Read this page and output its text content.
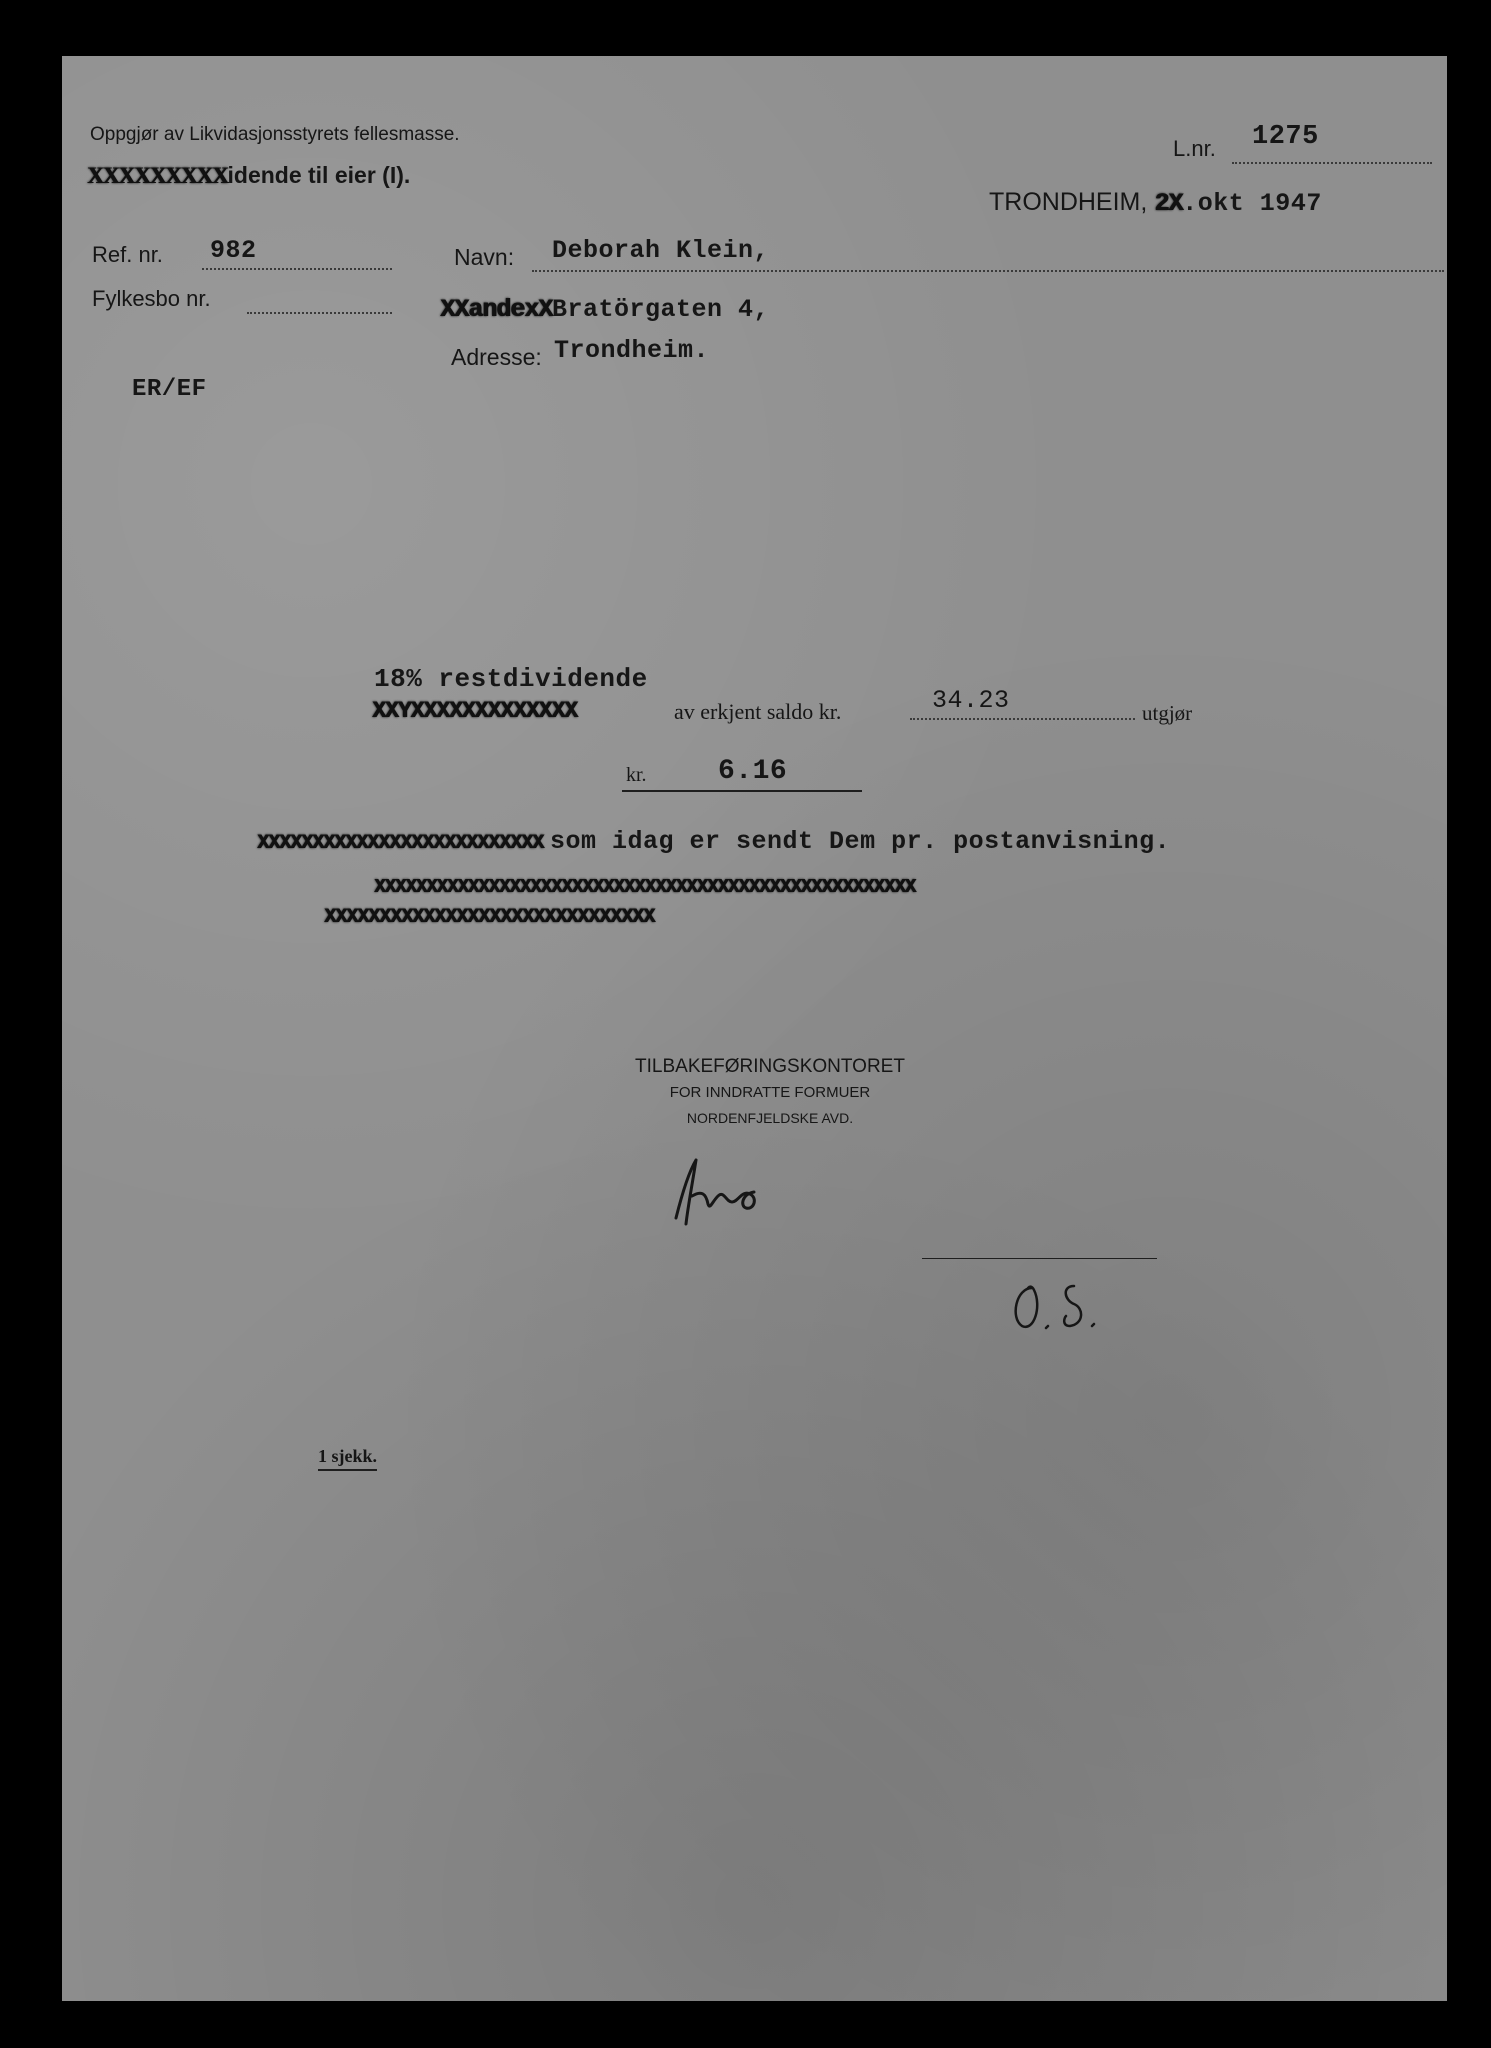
Oppgjør av Likvidasjonsstyrets fellesmasse.
XXXXXXXXXidende til eier (I).
L.nr. 1275
TRONDHEIM, 2X.okt 1947
Ref. nr. 982
Fylkesbo nr.
Navn: Deborah Klein,
XXandexXBratörgaten 4,
Adresse: Trondheim.
ER/EF
18% restdividende
XXYXXXXXXXXXXXXX	av erkjent saldo kr.	34.23	utgjør
kr.	6.16
XXXXXXXXXXXXXXXXXXXXXXXXXX som idag er sendt Dem pr. postanvisning.
XXXXXXXXXXXXXXXXXXXXXXXXXXXXXXXXXXXXXXXXXXXXXXXXXXXX
XXXXXXXXXXXXXXXXXXXXXXXXXXXXXX
TILBAKEFØRINGSKONTORET
FOR INNDRATTE FORMUER
NORDENFJELDSKE AVD.
1 sjekk.
